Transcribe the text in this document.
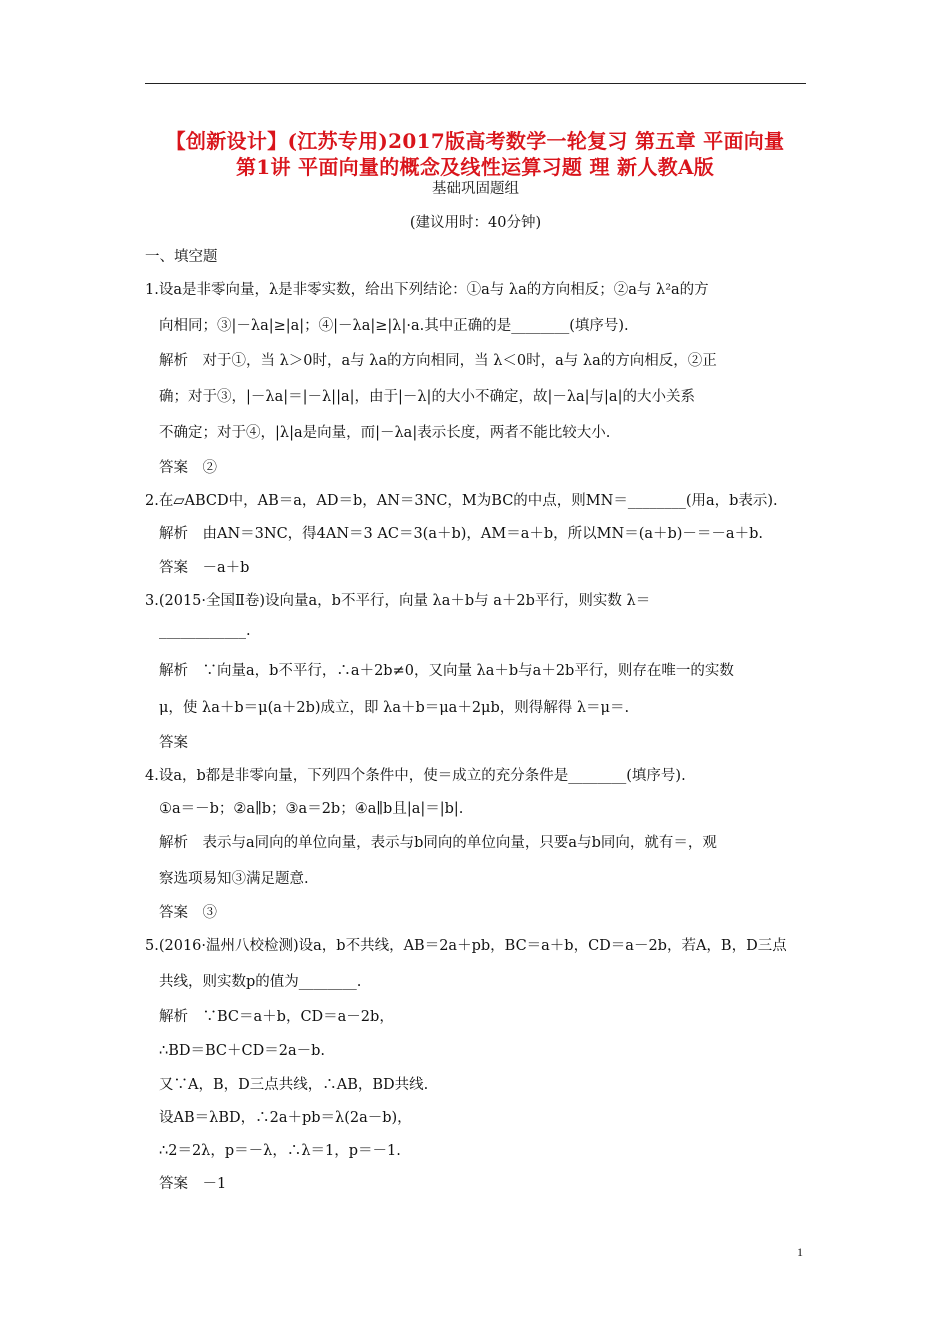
【创新设计】(江苏专用)2017版高考数学一轮复习 第五章 平面向量
第1讲 平面向量的概念及线性运算习题 理 新人教A版
基础巩固题组
(建议用时：40分钟)
一、填空题
1.设a是非零向量，λ是非零实数，给出下列结论：①a与 λa的方向相反；②a与 λ²a的方
向相同；③|－λa|≥|a|；④|－λa|≥|λ|·a.其中正确的是________(填序号).
解析　对于①，当 λ＞0时，a与 λa的方向相同，当 λ＜0时，a与 λa的方向相反，②正
确；对于③，|－λa|＝|－λ||a|，由于|－λ|的大小不确定，故|－λa|与|a|的大小关系
不确定；对于④，|λ|a是向量，而|－λa|表示长度，两者不能比较大小.
答案　②
2.在▱ABCD中，AB＝a，AD＝b，AN＝3NC，M为BC的中点，则MN＝________(用a，b表示).
解析　由AN＝3NC，得4AN＝3 AC＝3(a＋b)，AM＝a＋b，所以MN＝(a＋b)－＝－a＋b.
答案　－a＋b
3.(2015·全国Ⅱ卷)设向量a，b不平行，向量 λa＋b与 a＋2b平行，则实数 λ＝
____________.
解析　∵向量a，b不平行，∴a＋2b≠0，又向量 λa＋b与a＋2b平行，则存在唯一的实数
μ，使 λa＋b＝μ(a＋2b)成立，即 λa＋b＝μa＋2μb，则得解得 λ＝μ＝.
答案
4.设a，b都是非零向量，下列四个条件中，使＝成立的充分条件是________(填序号).
①a＝－b；②a∥b；③a＝2b；④a∥b且|a|＝|b|.
解析　表示与a同向的单位向量，表示与b同向的单位向量，只要a与b同向，就有＝，观
察选项易知③满足题意.
答案　③
5.(2016·温州八校检测)设a，b不共线，AB＝2a＋pb，BC＝a＋b，CD＝a－2b，若A，B，D三点
共线，则实数p的值为________.
解析　∵BC＝a＋b，CD＝a－2b，
∴BD＝BC＋CD＝2a－b.
又∵A，B，D三点共线，∴AB，BD共线.
设AB＝λBD，∴2a＋pb＝λ(2a－b)，
∴2＝2λ，p＝－λ，∴λ＝1，p＝－1.
答案　－1
1
